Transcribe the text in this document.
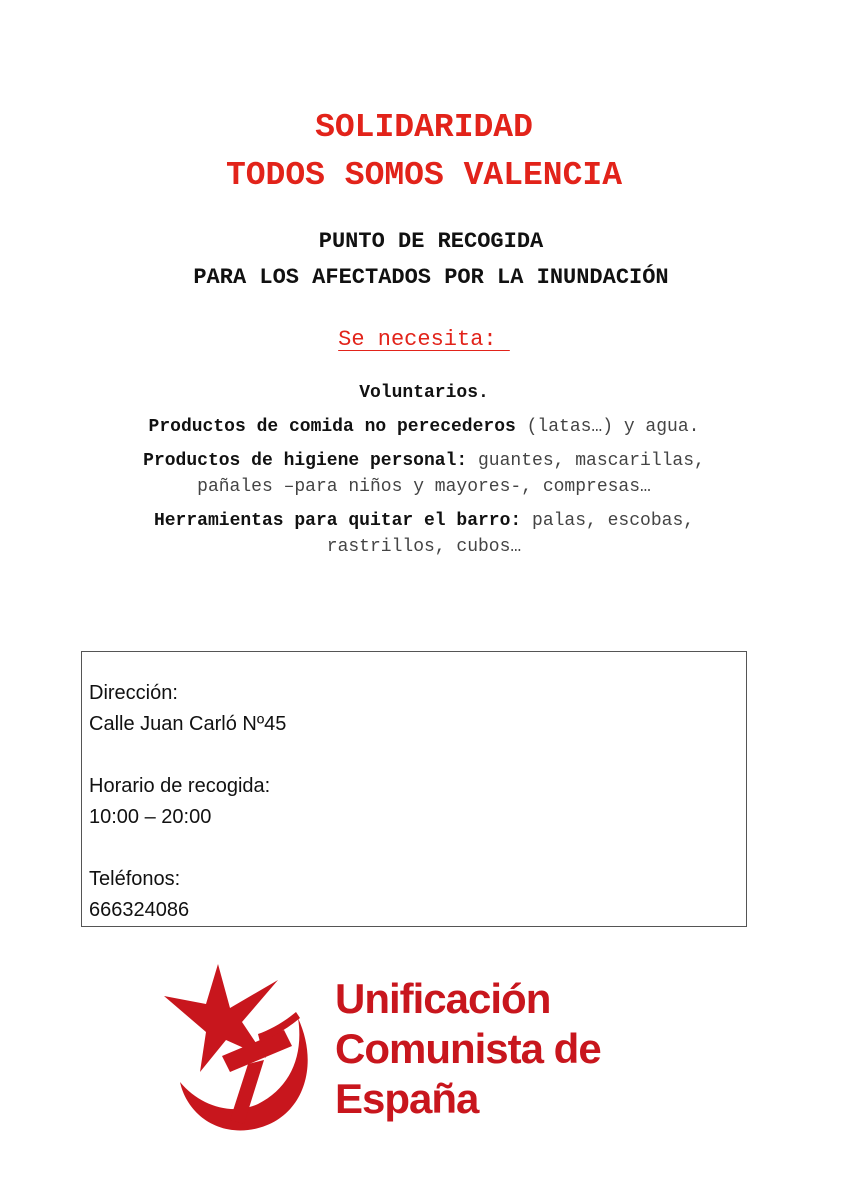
SOLIDARIDAD
TODOS SOMOS VALENCIA
PUNTO DE RECOGIDA
PARA LOS AFECTADOS POR LA INUNDACIÓN
Se necesita:

Voluntarios.

Productos de comida no perecederos (latas…) y agua.

Productos de higiene personal: guantes, mascarillas, pañales –para niños y mayores-, compresas…

Herramientas para quitar el barro: palas, escobas, rastrillos, cubos…

Dirección:
Calle Juan Carló Nº45
Horario de recogida:
10:00 – 20:00
Teléfonos:
666324086
Unificación
Comunista de
España
